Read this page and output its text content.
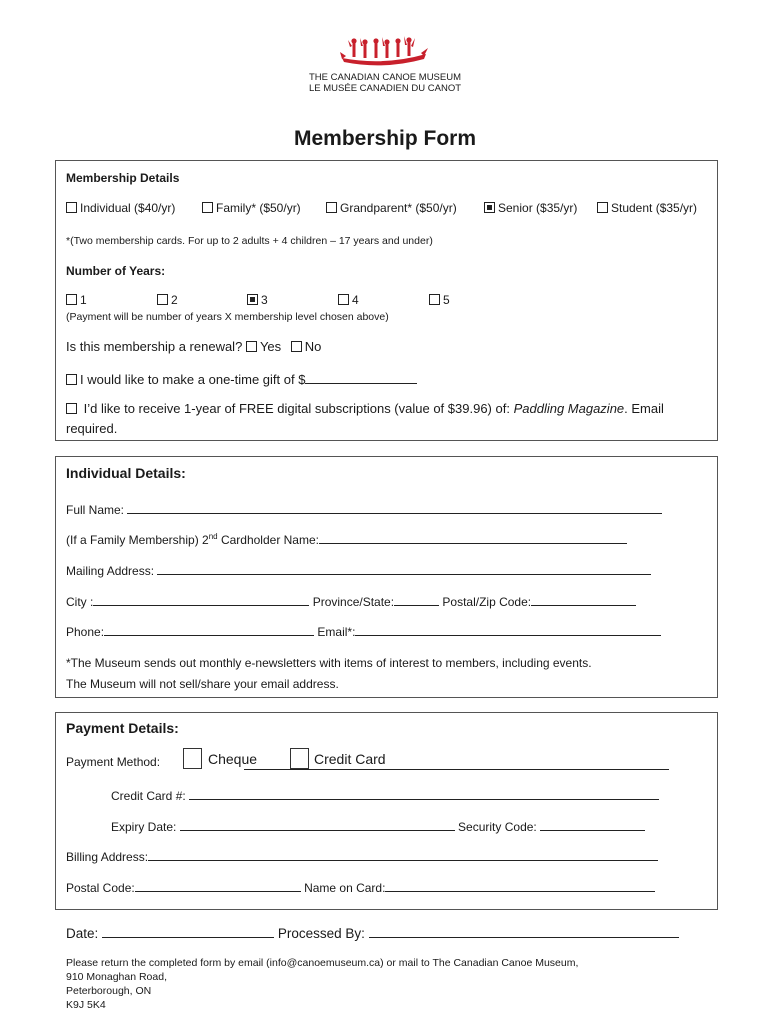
THE CANADIAN CANOE MUSEUM
LE MUSÉE CANADIEN DU CANOT
Membership Form
Membership Details
Individual ($40/yr)	Family* ($50/yr)	Grandparent* ($50/yr)	Senior ($35/yr)	Student ($35/yr)
*(Two membership cards. For up to 2 adults + 4 children – 17 years and under)
Number of Years:
1	2	3	4	5
(Payment will be number of years X membership level chosen above)
Is this membership a renewal? Yes No
I would like to make a one-time gift of $
I’d like to receive 1-year of FREE digital subscriptions (value of $39.96) of: Paddling Magazine. Email
required.
Individual Details:
Full Name:
(If a Family Membership) 2nd Cardholder Name:
Mailing Address:
City :	Province/State:	Postal/Zip Code:
Phone:	Email*:
*The Museum sends out monthly e-newsletters with items of interest to members, including events.
The Museum will not sell/share your email address.
Payment Details:
Payment Method:	Cheque	Credit Card
Credit Card #:
Expiry Date:	Security Code:
Billing Address:
Postal Code:	Name on Card:
Date:	Processed By:
Please return the completed form by email (info@canoemuseum.ca) or mail to The Canadian Canoe Museum,
910 Monaghan Road,
Peterborough, ON
K9J 5K4
